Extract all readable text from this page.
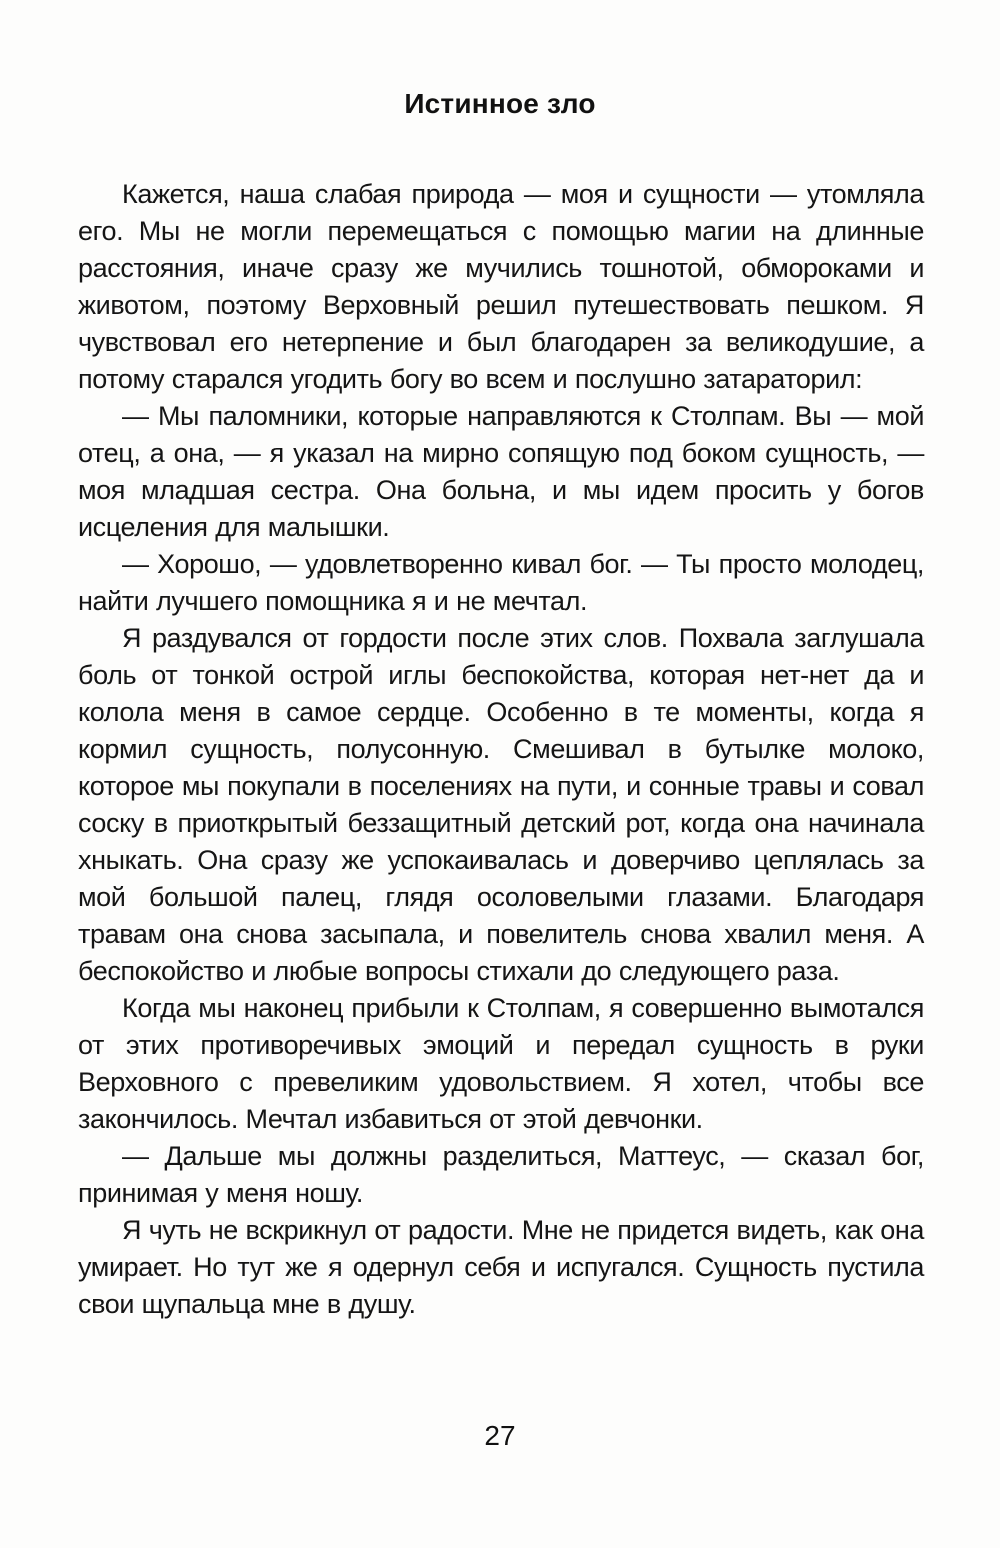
Истинное зло

Кажется, наша слабая природа — моя и сущности — утомляла его. Мы не могли перемещаться с помощью магии на длинные расстояния, иначе сразу же мучились тошнотой, обмороками и животом, поэтому Верховный решил путешествовать пешком. Я чувствовал его нетерпение и был благодарен за великодушие, а потому старался угодить богу во всем и послушно затараторил:

— Мы паломники, которые направляются к Столпам. Вы — мой отец, а она, — я указал на мирно сопящую под боком сущность, — моя младшая сестра. Она больна, и мы идем просить у богов исцеления для малышки.

— Хорошо, — удовлетворенно кивал бог. — Ты просто молодец, найти лучшего помощника я и не мечтал.

Я раздувался от гордости после этих слов. Похвала заглушала боль от тонкой острой иглы беспокойства, которая нет-нет да и колола меня в самое сердце. Особенно в те моменты, когда я кормил сущность, полусонную. Смешивал в бутылке молоко, которое мы покупали в поселениях на пути, и сонные травы и совал соску в приоткрытый беззащитный детский рот, когда она начинала хныкать. Она сразу же успокаивалась и доверчиво цеплялась за мой большой палец, глядя осоловелыми глазами. Благодаря травам она снова засыпала, и повелитель снова хвалил меня. А беспокойство и любые вопросы стихали до следующего раза.

Когда мы наконец прибыли к Столпам, я совершенно вымотался от этих противоречивых эмоций и передал сущность в руки Верховного с превеликим удовольствием. Я хотел, чтобы все закончилось. Мечтал избавиться от этой девчонки.

— Дальше мы должны разделиться, Маттеус, — сказал бог, принимая у меня ношу.

Я чуть не вскрикнул от радости. Мне не придется видеть, как она умирает. Но тут же я одернул себя и испугался. Сущность пустила свои щупальца мне в душу.

27
